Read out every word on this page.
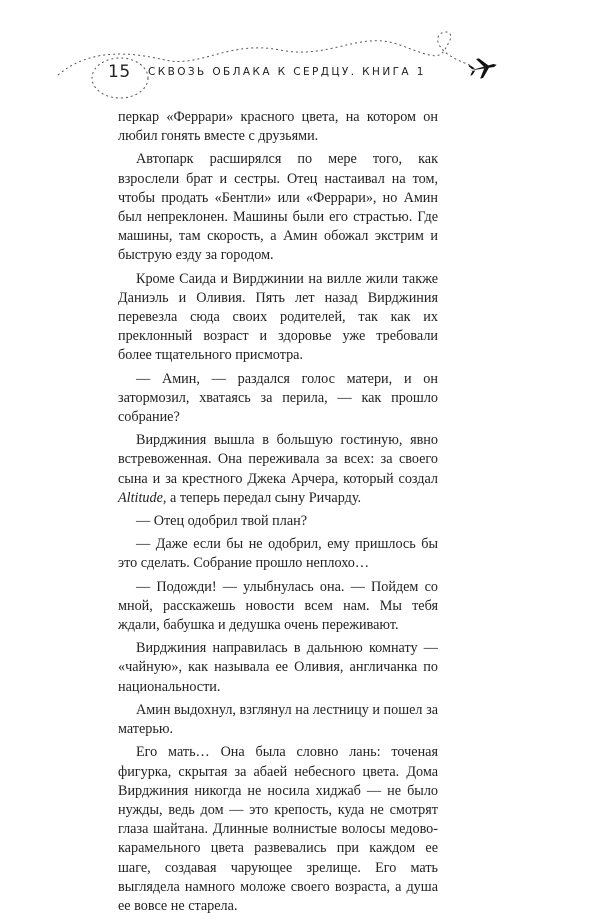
15 СКВОЗЬ ОБЛАКА К СЕРДЦУ. КНИГА 1

перкар «Феррари» красного цвета, на котором он любил гонять вместе с друзьями.

Автопарк расширялся по мере того, как взрослели брат и сестры. Отец настаивал на том, чтобы продать «Бентли» или «Феррари», но Амин был непреклонен. Машины были его страстью. Где машины, там скорость, а Амин обожал экстрим и быструю езду за городом.

Кроме Саида и Вирджинии на вилле жили также Даниэль и Оливия. Пять лет назад Вирджиния перевезла сюда своих родителей, так как их преклонный возраст и здоровье уже требовали более тщательного присмотра.

— Амин, — раздался голос матери, и он затормозил, хватаясь за перила, — как прошло собрание?

Вирджиния вышла в большую гостиную, явно встревоженная. Она переживала за всех: за своего сына и за крестного Джека Арчера, который создал Altitude, а теперь передал сыну Ричарду.

— Отец одобрил твой план?

— Даже если бы не одобрил, ему пришлось бы это сделать. Собрание прошло неплохо…

— Подожди! — улыбнулась она. — Пойдем со мной, расскажешь новости всем нам. Мы тебя ждали, бабушка и дедушка очень переживают.

Вирджиния направилась в дальнюю комнату — «чайную», как называла ее Оливия, англичанка по национальности.

Амин выдохнул, взглянул на лестницу и пошел за матерью.

Его мать… Она была словно лань: точеная фигурка, скрытая за абаей небесного цвета. Дома Вирджиния никогда не носила хиджаб — не было нужды, ведь дом — это крепость, куда не смотрят глаза шайтана. Длинные волнистые волосы медово-карамельного цвета развевались при каждом ее шаге, создавая чарующее зрелище. Его мать выглядела намного моложе своего возраста, а душа ее вовсе не старела.
